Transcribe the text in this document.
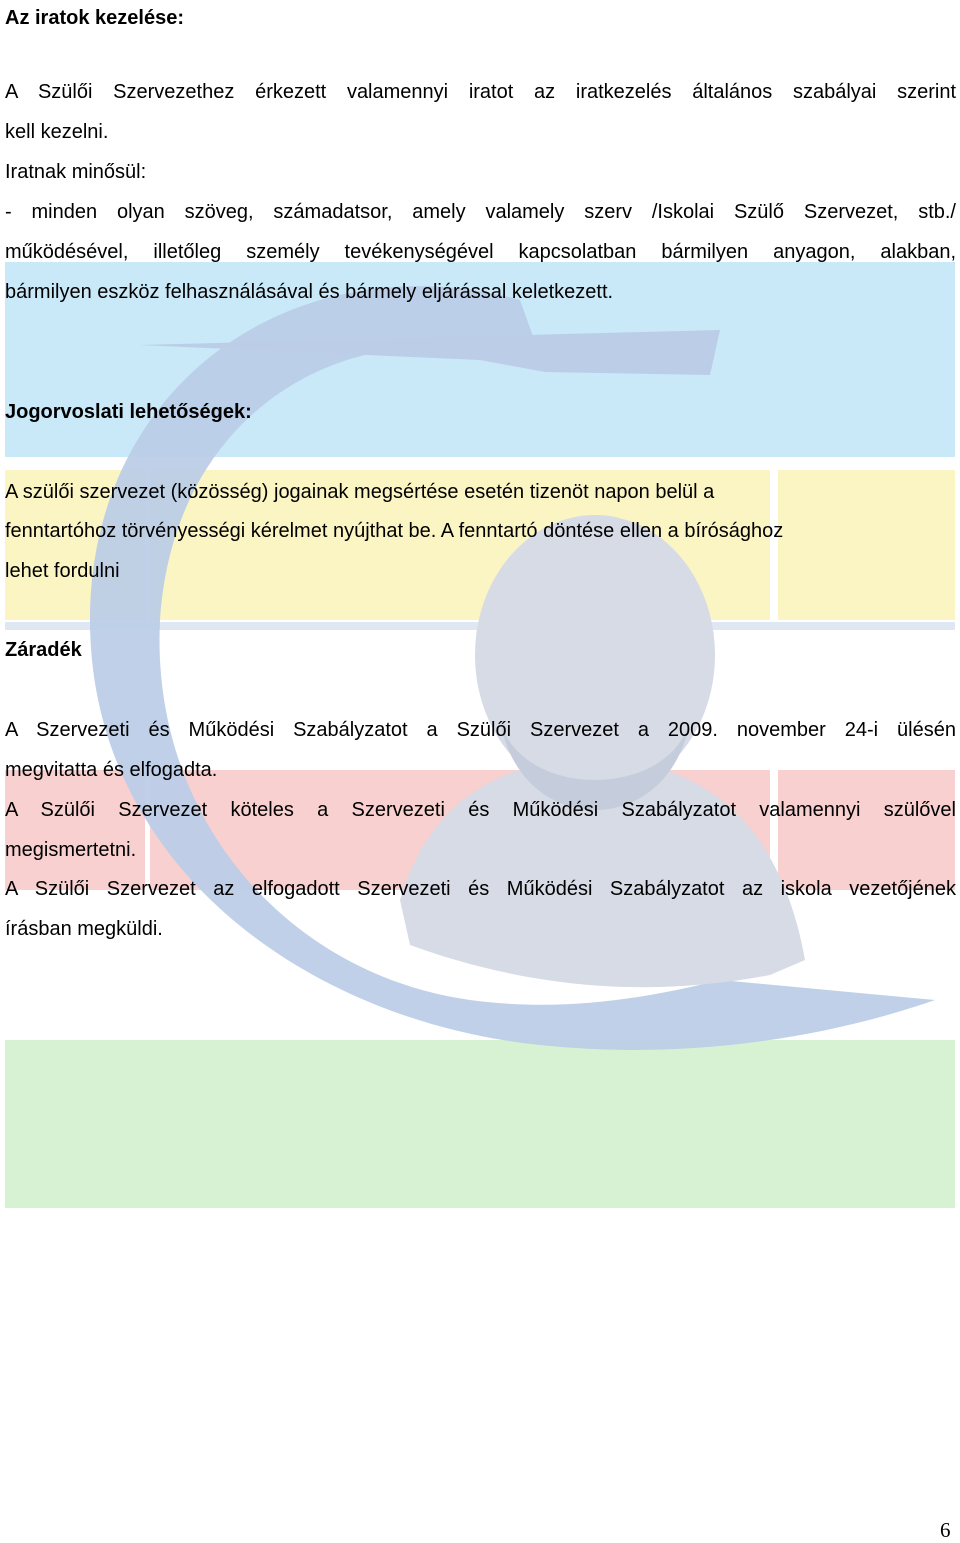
Az iratok kezelése:

A Szülői Szervezethez érkezett valamennyi iratot az iratkezelés általános szabályai szerint

kell kezelni.

Iratnak minősül:

- minden olyan szöveg, számadatsor, amely valamely szerv /Iskolai Szülő Szervezet, stb./

működésével, illetőleg személy tevékenységével kapcsolatban bármilyen anyagon, alakban,

bármilyen eszköz felhasználásával és bármely eljárással keletkezett.

Jogorvoslati lehetőségek:

A szülői szervezet (közösség) jogainak megsértése esetén tizenöt napon belül a

fenntartóhoz törvényességi kérelmet nyújthat be. A fenntartó döntése ellen a bírósághoz

lehet fordulni

Záradék

A Szervezeti és Működési Szabályzatot a Szülői Szervezet a 2009. november 24-i ülésén

megvitatta és elfogadta.

A Szülői Szervezet köteles a Szervezeti és Működési Szabályzatot valamennyi szülővel

megismertetni.

A Szülői Szervezet az elfogadott Szervezeti és Működési Szabályzatot az iskola vezetőjének

írásban megküldi.

6
